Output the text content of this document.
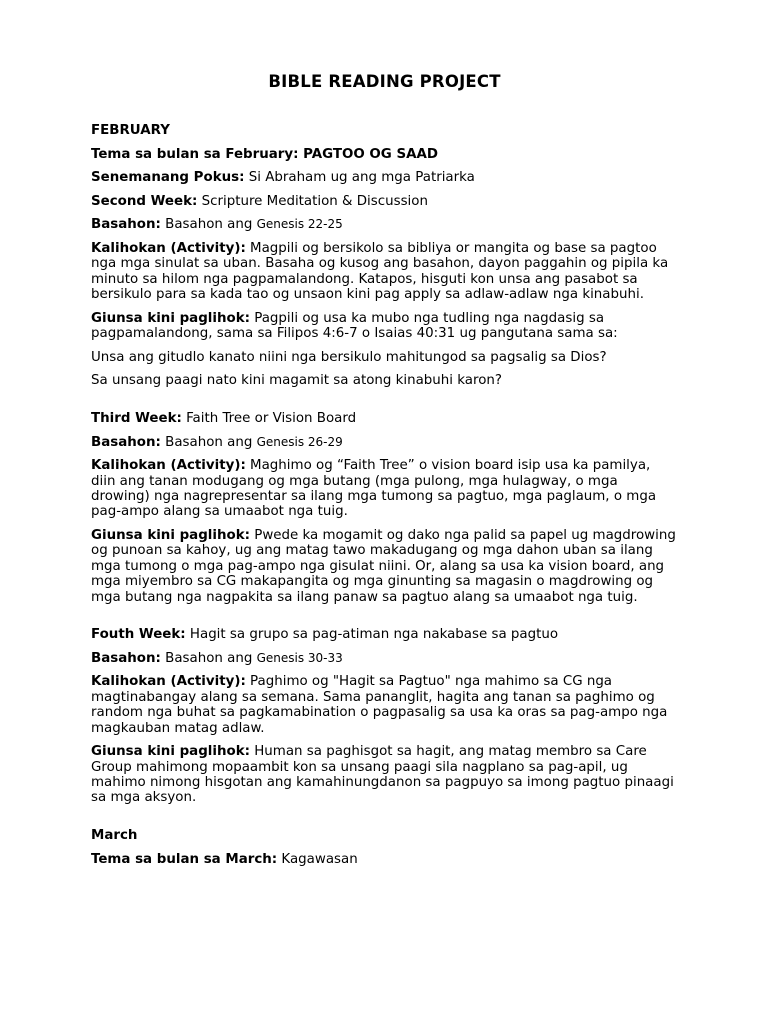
BIBLE READING PROJECT
FEBRUARY
Tema sa bulan sa February: PAGTOO OG SAAD
Senemanang Pokus: Si Abraham ug ang mga Patriarka
Second Week: Scripture Meditation & Discussion
Basahon: Basahon ang Genesis 22-25
Kalihokan (Activity): Magpili og bersikolo sa bibliya or mangita og base sa pagtoo nga mga sinulat sa uban. Basaha og kusog ang basahon, dayon paggahin og pipila ka minuto sa hilom nga pagpamalandong. Katapos, hisguti kon unsa ang pasabot sa bersikulo para sa kada tao og unsaon kini pag apply sa adlaw-adlaw nga kinabuhi.
Giunsa kini paglihok: Pagpili og usa ka mubo nga tudling nga nagdasig sa pagpamalandong, sama sa Filipos 4:6-7 o Isaias 40:31 ug pangutana sama sa:
Unsa ang gitudlo kanato niini nga bersikulo mahitungod sa pagsalig sa Dios?
Sa unsang paagi nato kini magamit sa atong kinabuhi karon?
Third Week: Faith Tree or Vision Board
Basahon: Basahon ang Genesis 26-29
Kalihokan (Activity): Maghimo og “Faith Tree” o vision board isip usa ka pamilya, diin ang tanan modugang og mga butang (mga pulong, mga hulagway, o mga drowing) nga nagrepresentar sa ilang mga tumong sa pagtuo, mga paglaum, o mga pag-ampo alang sa umaabot nga tuig.
Giunsa kini paglihok: Pwede ka mogamit og dako nga palid sa papel ug magdrowing og punoan sa kahoy, ug ang matag tawo makadugang og mga dahon uban sa ilang mga tumong o mga pag-ampo nga gisulat niini. Or, alang sa usa ka vision board, ang mga miyembro sa CG makapangita og mga ginunting sa magasin o magdrowing og mga butang nga nagpakita sa ilang panaw sa pagtuo alang sa umaabot nga tuig.
Fouth Week: Hagit sa grupo sa pag-atiman nga nakabase sa pagtuo
Basahon: Basahon ang Genesis 30-33
Kalihokan (Activity): Paghimo og "Hagit sa Pagtuo" nga mahimo sa CG nga magtinabangay alang sa semana. Sama pananglit, hagita ang tanan sa paghimo og random nga buhat sa pagkamabination o pagpasalig sa usa ka oras sa pag-ampo nga magkauban matag adlaw.
Giunsa kini paglihok: Human sa paghisgot sa hagit, ang matag membro sa Care Group mahimong mopaambit kon sa unsang paagi sila nagplano sa pag-apil, ug mahimo nimong hisgotan ang kamahinungdanon sa pagpuyo sa imong pagtuo pinaagi sa mga aksyon.
March
Tema sa bulan sa March: Kagawasan
